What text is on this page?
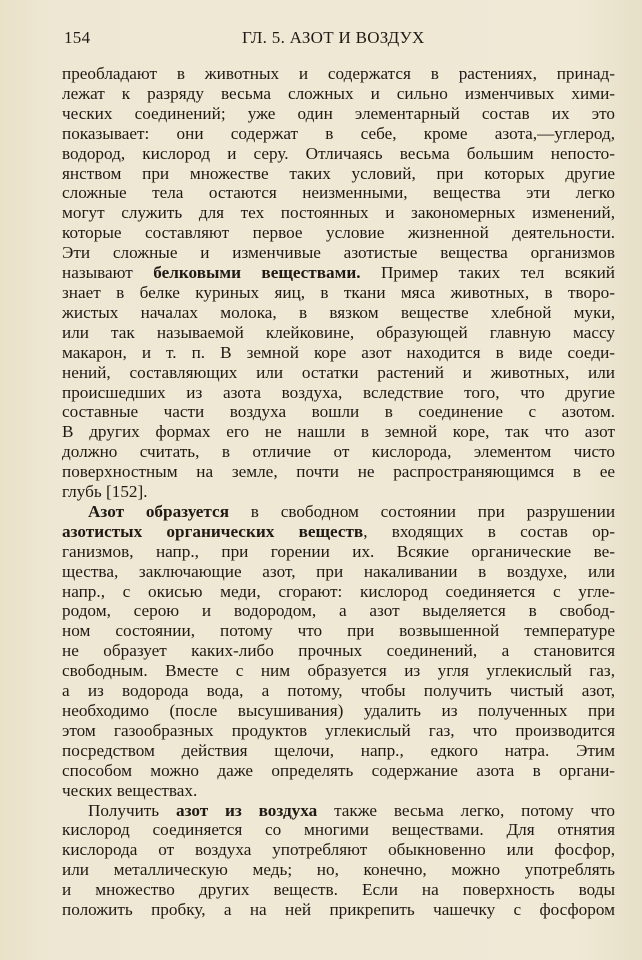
154	ГЛ. 5. АЗОТ И ВОЗДУХ
преобладают в животных и содержатся в растениях, принад-
лежат к разряду весьма сложных и сильно изменчивых хими-
ческих соединений; уже один элементарный состав их это
показывает: они содержат в себе, кроме азота,—углерод,
водород, кислород и серу. Отличаясь весьма большим непосто-
янством при множестве таких условий, при которых другие
сложные тела остаются неизменными, вещества эти легко
могут служить для тех постоянных и закономерных изменений,
которые составляют первое условие жизненной деятельности.
Эти сложные и изменчивые азотистые вещества организмов
называют белковыми веществами. Пример таких тел всякий
знает в белке куриных яиц, в ткани мяса животных, в творо-
жистых началах молока, в вязком веществе хлебной муки,
или так называемой клейковине, образующей главную массу
макарон, и т. п. В земной коре азот находится в виде соеди-
нений, составляющих или остатки растений и животных, или
происшедших из азота воздуха, вследствие того, что другие
составные части воздуха вошли в соединение с азотом.
В других формах его не нашли в земной коре, так что азот
должно считать, в отличие от кислорода, элементом чисто
поверхностным на земле, почти не распространяющимся в ее
глубь [152].
Азот образуется в свободном состоянии при разрушении
азотистых органических веществ, входящих в состав ор-
ганизмов, напр., при горении их. Всякие органические ве-
щества, заключающие азот, при накаливании в воздухе, или
напр., с окисью меди, сгорают: кислород соединяется с угле-
родом, серою и водородом, а азот выделяется в свобод-
ном состоянии, потому что при возвышенной температуре
не образует каких-либо прочных соединений, а становится
свободным. Вместе с ним образуется из угля углекислый газ,
а из водорода вода, а потому, чтобы получить чистый азот,
необходимо (после высушивания) удалить из полученных при
этом газообразных продуктов углекислый газ, что производится
посредством действия щелочи, напр., едкого натра. Этим
способом можно даже определять содержание азота в органи-
ческих веществах.
Получить азот из воздуха также весьма легко, потому что
кислород соединяется со многими веществами. Для отнятия
кислорода от воздуха употребляют обыкновенно или фосфор,
или металлическую медь; но, конечно, можно употреблять
и множество других веществ. Если на поверхность воды
положить пробку, а на ней прикрепить чашечку с фосфором
